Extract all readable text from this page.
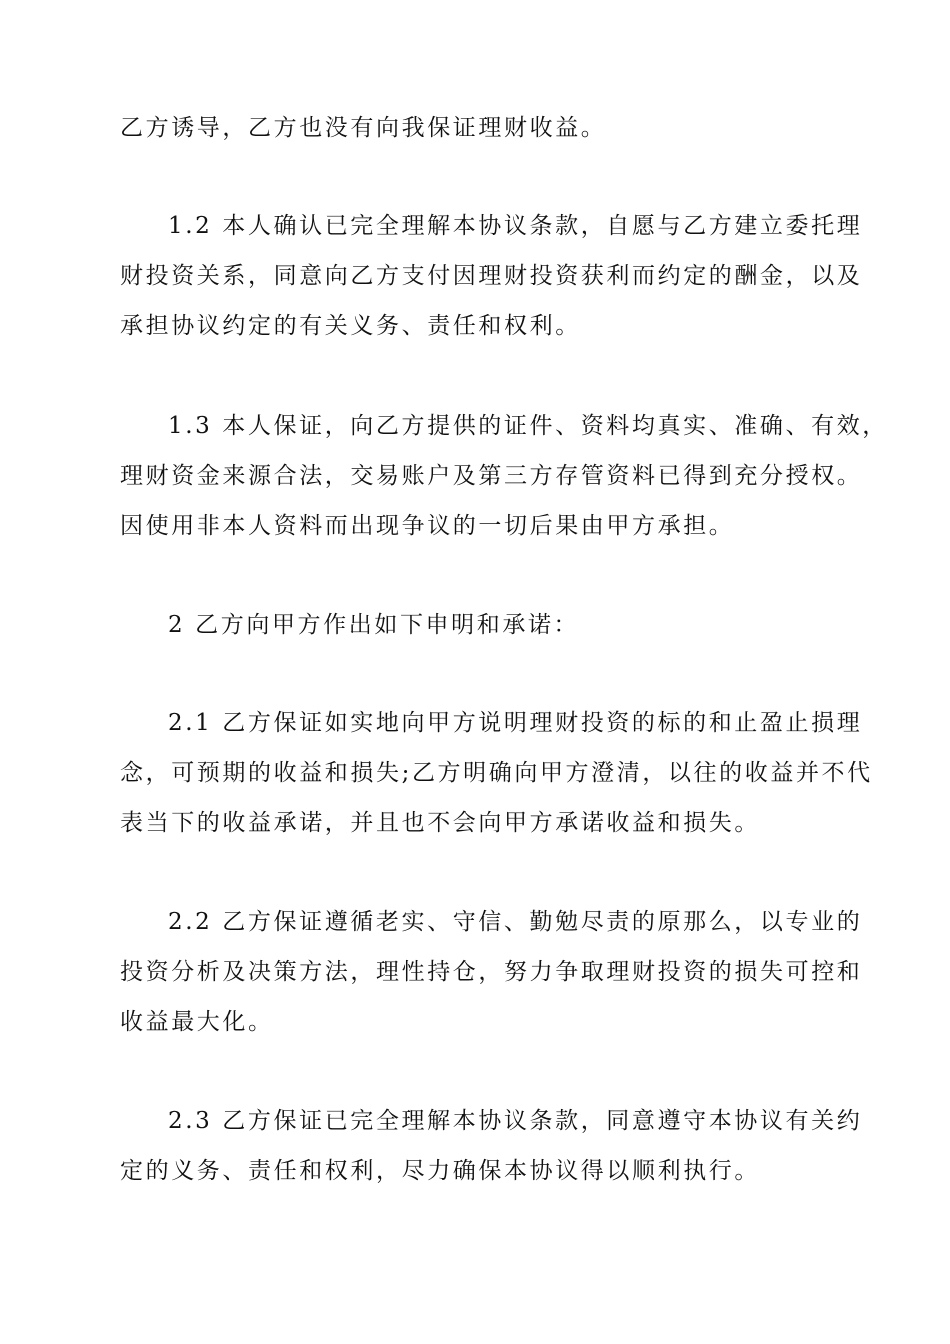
乙方诱导，乙方也没有向我保证理财收益。

1.2 本人确认已完全理解本协议条款，自愿与乙方建立委托理
财投资关系，同意向乙方支付因理财投资获利而约定的酬金，以及
承担协议约定的有关义务、责任和权利。

1.3 本人保证，向乙方提供的证件、资料均真实、准确、有效，
理财资金来源合法，交易账户及第三方存管资料已得到充分授权。
因使用非本人资料而出现争议的一切后果由甲方承担。

2 乙方向甲方作出如下申明和承诺：

2.1 乙方保证如实地向甲方说明理财投资的标的和止盈止损理
念，可预期的收益和损失;乙方明确向甲方澄清，以往的收益并不代
表当下的收益承诺，并且也不会向甲方承诺收益和损失。

2.2 乙方保证遵循老实、守信、勤勉尽责的原那么，以专业的
投资分析及决策方法，理性持仓，努力争取理财投资的损失可控和
收益最大化。

2.3 乙方保证已完全理解本协议条款，同意遵守本协议有关约
定的义务、责任和权利，尽力确保本协议得以顺利执行。
